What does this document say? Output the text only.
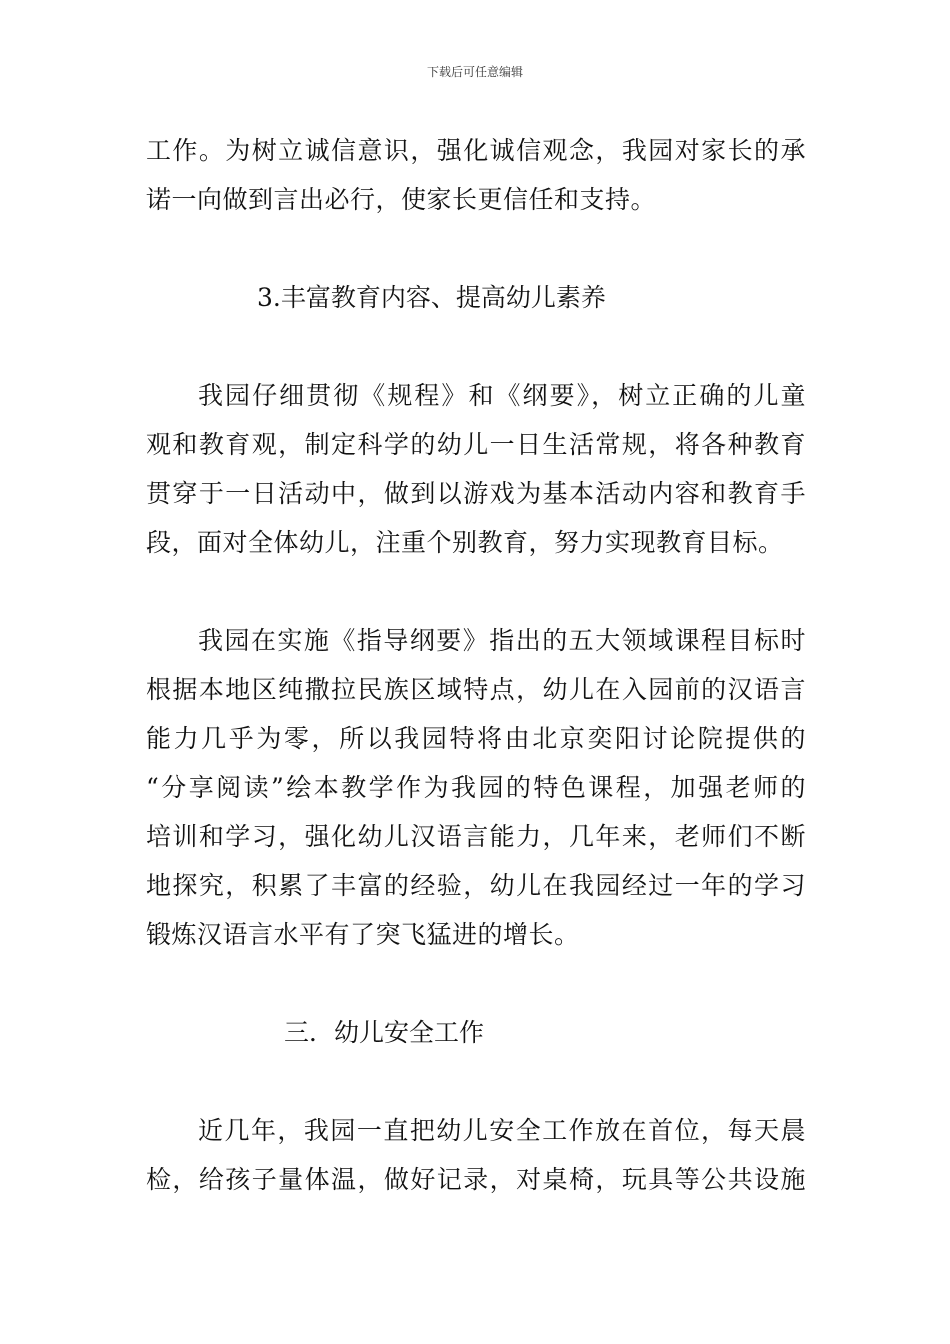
下载后可任意编辑
工作。为树立诚信意识，强化诚信观念，我园对家长的承
诺一向做到言出必行，使家长更信任和支持。
3.丰富教育内容、提高幼儿素养
我园仔细贯彻《规程》和《纲要》，树立正确的儿童
观和教育观，制定科学的幼儿一日生活常规，将各种教育
贯穿于一日活动中，做到以游戏为基本活动内容和教育手
段，面对全体幼儿，注重个别教育，努力实现教育目标。
我园在实施《指导纲要》指出的五大领域课程目标时
根据本地区纯撒拉民族区域特点，幼儿在入园前的汉语言
能力几乎为零，所以我园特将由北京奕阳讨论院提供的
“分享阅读”绘本教学作为我园的特色课程，加强老师的
培训和学习，强化幼儿汉语言能力，几年来，老师们不断
地探究，积累了丰富的经验，幼儿在我园经过一年的学习
锻炼汉语言水平有了突飞猛进的增长。
三．幼儿安全工作
近几年，我园一直把幼儿安全工作放在首位，每天晨
检，给孩子量体温，做好记录，对桌椅，玩具等公共设施
